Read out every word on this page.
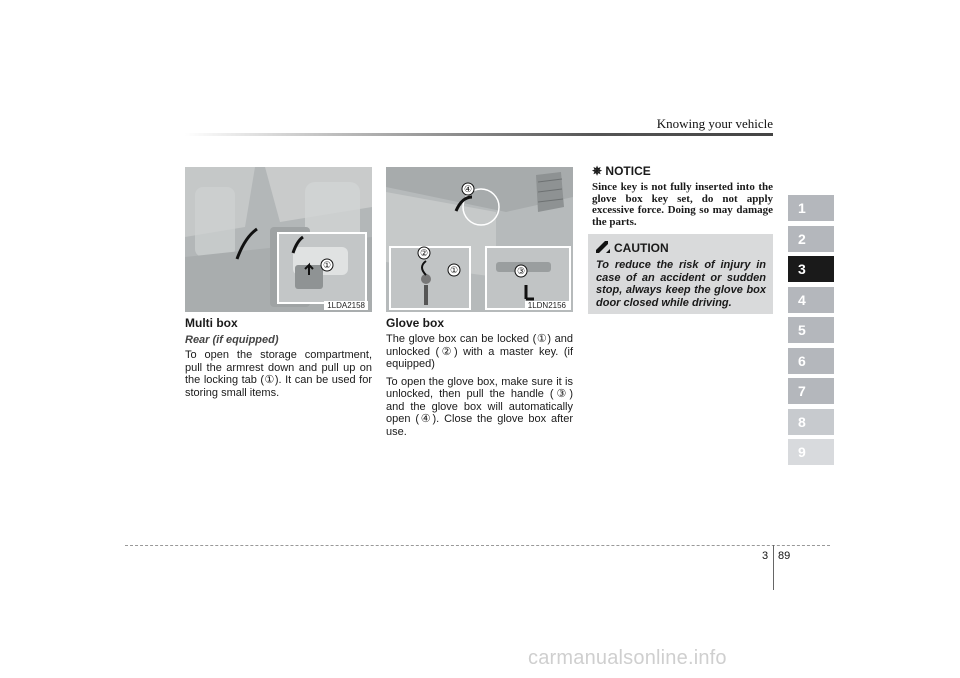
Knowing your vehicle
①
1LDA2158
④
②
①	③
1LDN2156
Multi box
Rear (if equipped)

To open the storage compartment, pull the armrest down and pull up on the locking tab (①). It can be used for storing small items.

Glove box

The glove box can be locked (①) and unlocked (②) with a master key. (if equipped)

To open the glove box, make sure it is unlocked, then pull the handle (③) and the glove box will automatically open (④). Close the glove box after use.

✵ NOTICE
Since key is not fully inserted into the glove box key set, do not apply excessive force. Doing so may damage the parts.
CAUTION
To reduce the risk of injury in case of an accident or sudden stop, always keep the glove box door closed while driving.
1
2
3
4
5
6
7
8
9
3 89
carmanualsonline.info
